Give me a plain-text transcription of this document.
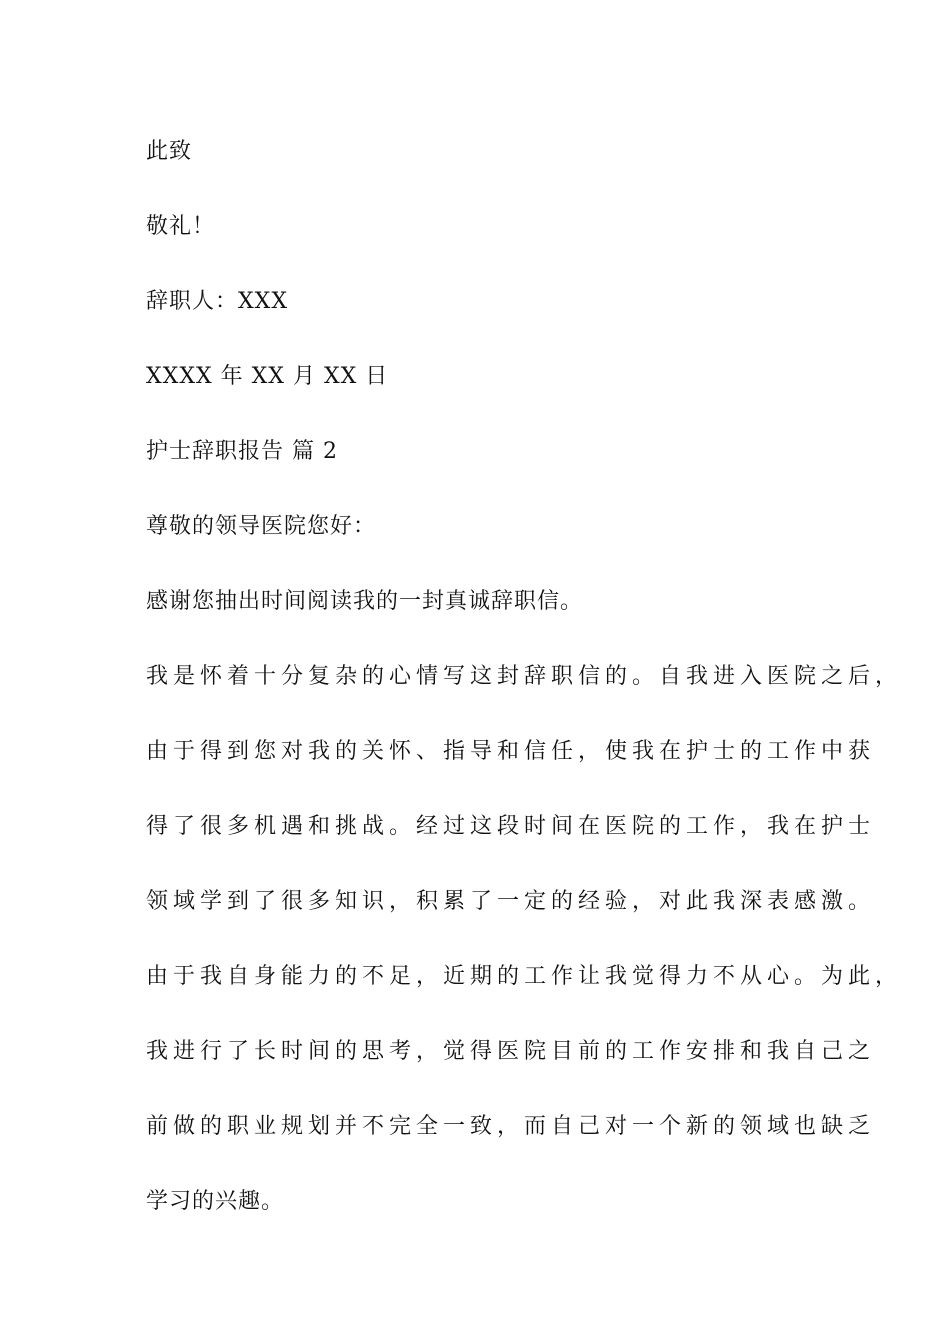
此致

敬礼！

辞职人：XXX

XXXX 年 XX 月 XX 日

护士辞职报告 篇 2

尊敬的领导医院您好：

感谢您抽出时间阅读我的一封真诚辞职信。

我是怀着十分复杂的心情写这封辞职信的。自我进入医院之后，

由于得到您对我的关怀、指导和信任，使我在护士的工作中获

得了很多机遇和挑战。经过这段时间在医院的工作，我在护士

领域学到了很多知识，积累了一定的经验，对此我深表感激。

由于我自身能力的不足，近期的工作让我觉得力不从心。为此，

我进行了长时间的思考，觉得医院目前的工作安排和我自己之

前做的职业规划并不完全一致，而自己对一个新的领域也缺乏

学习的兴趣。
